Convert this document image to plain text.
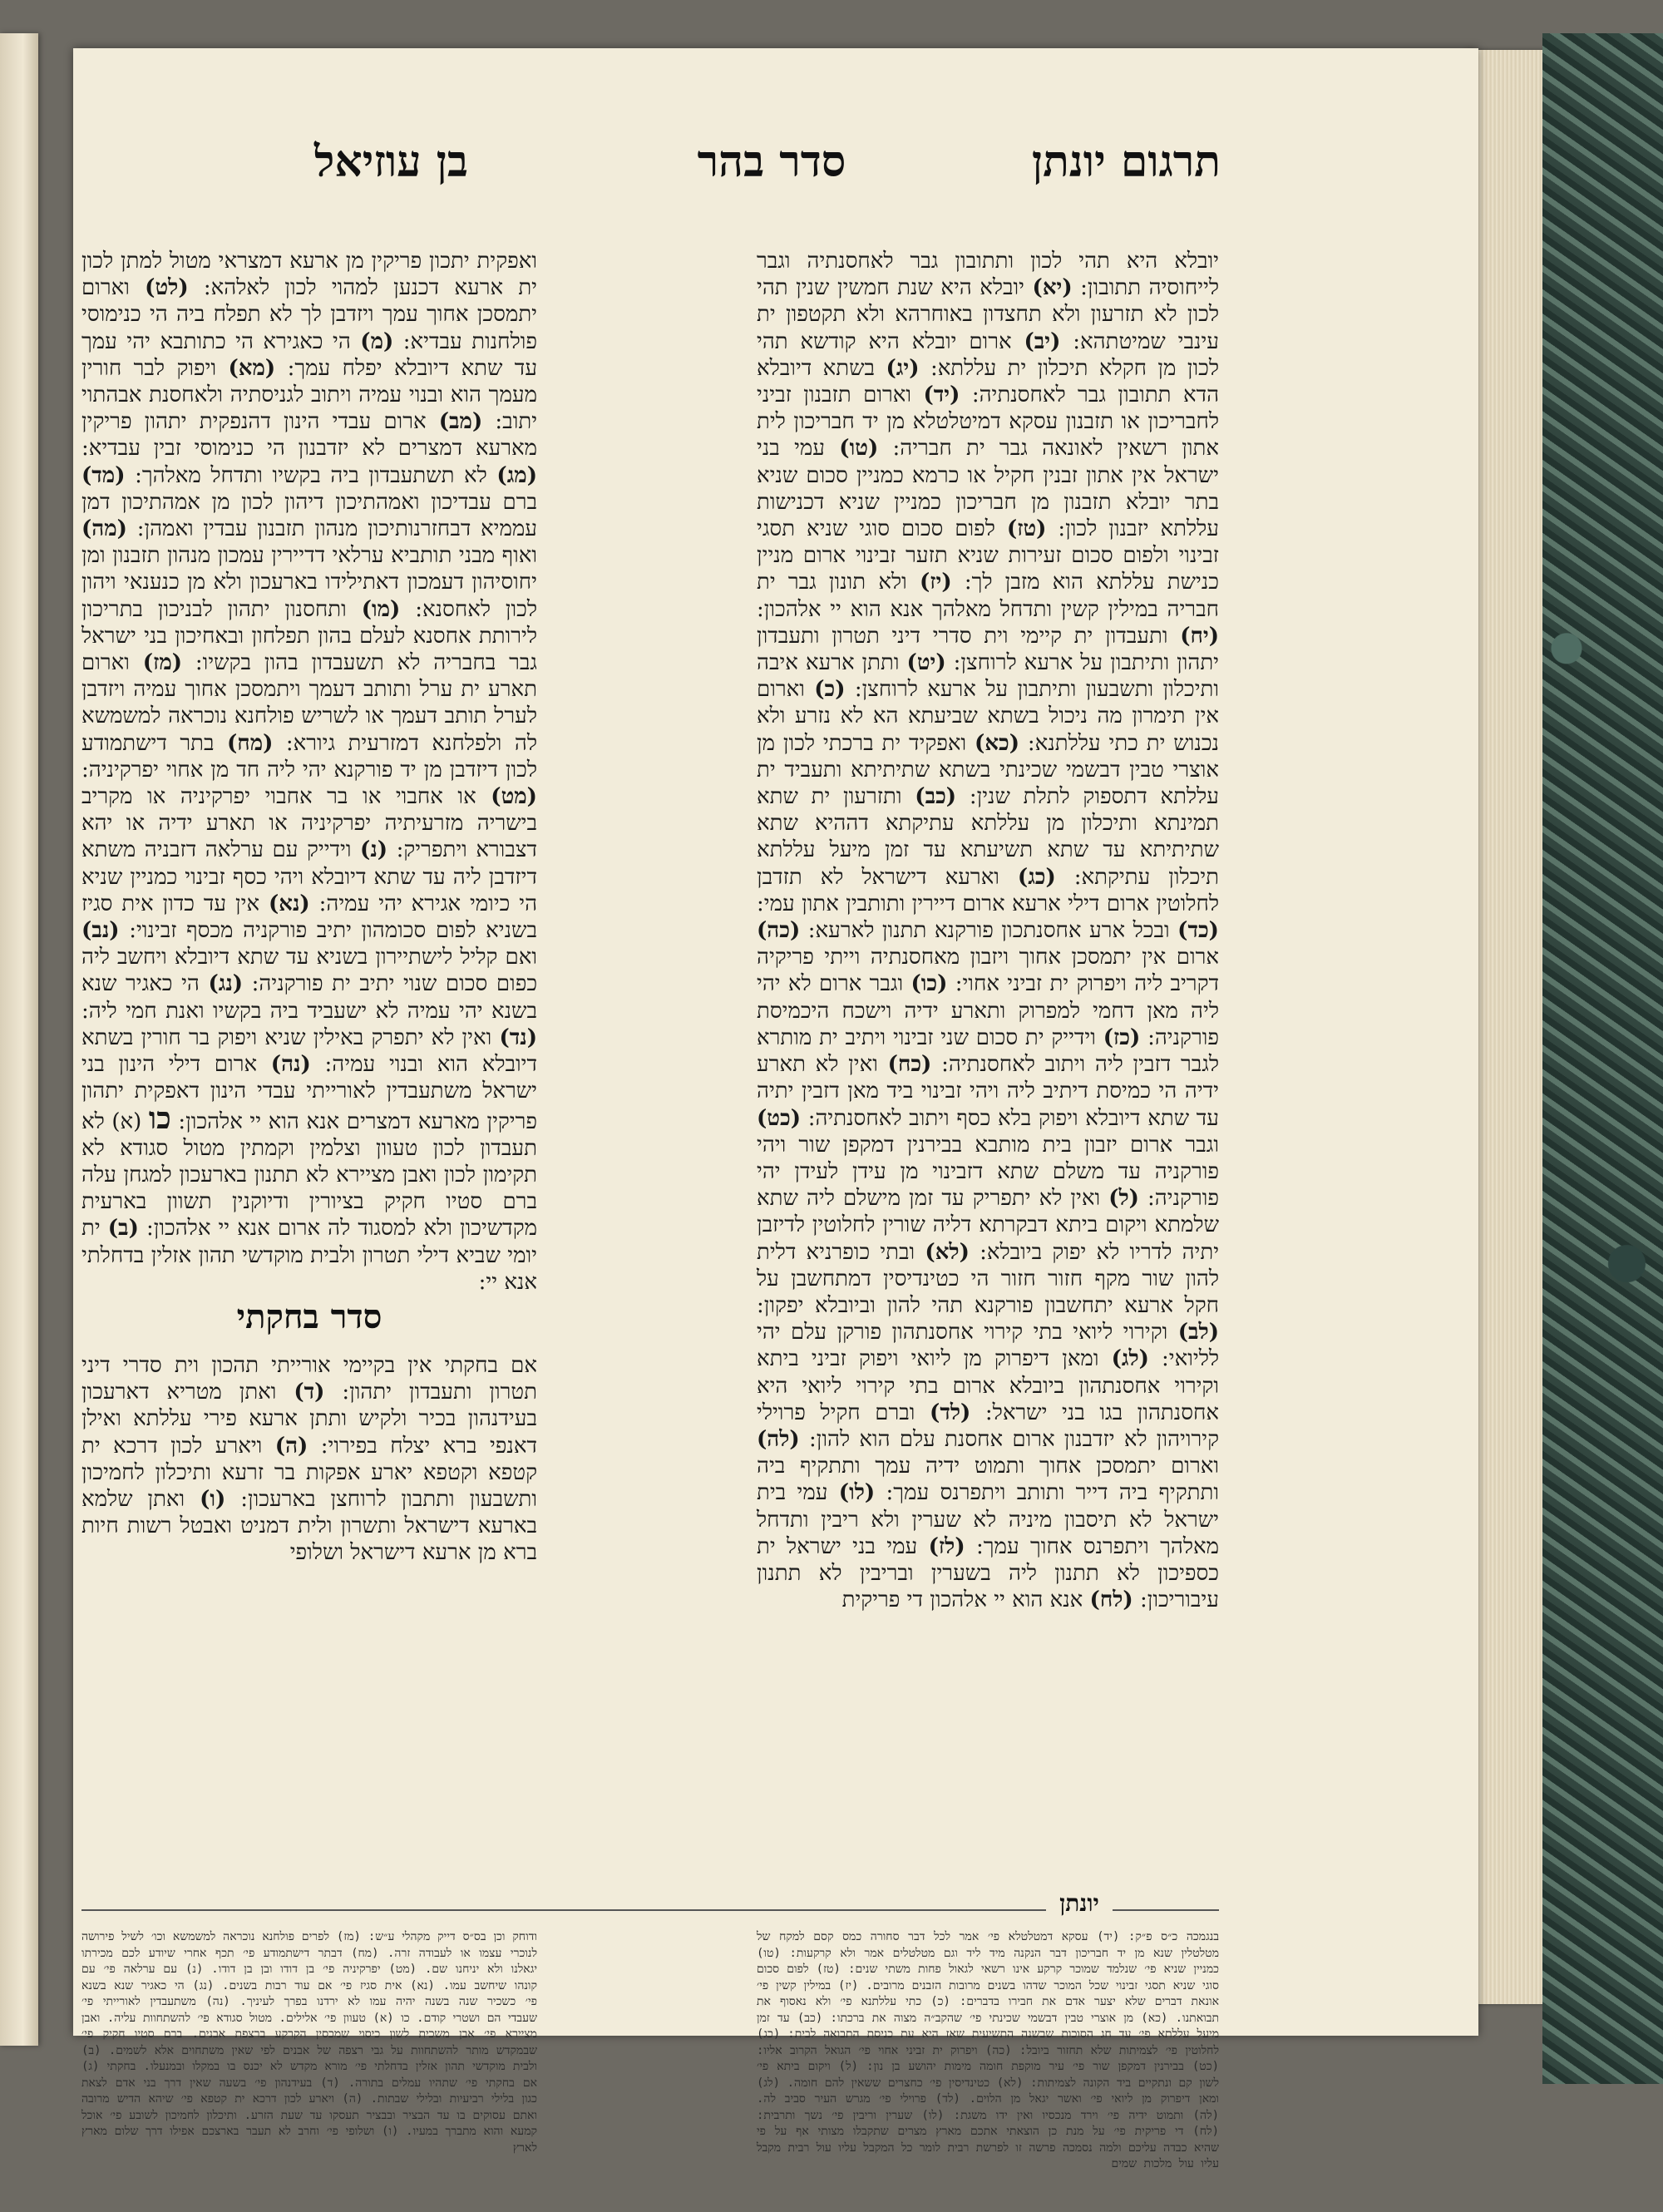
תרגום יונתן
סדר בהר
בן עוזיאל
יובלא היא תהי לכון ותתובון גבר לאחסנתיה וגבר לייחוסיה תתובון: (יא) יובלא היא שנת חמשין שנין תהי לכון לא תזרעון ולא תחצדון באוחרהא ולא תקטפון ית עינבי שמיטתהא: (יב) ארום יובלא היא קודשא תהי לכון מן חקלא תיכלון ית עללתא: (יג) בשתא דיובלא הדא תתובון גבר לאחסנתיה: (יד) וארום תזבנון זביני לחבריכון או תזבנון עסקא דמיטלטלא מן יד חבריכון לית אתון רשאין לאונאה גבר ית חבריה: (טו) עמי בני ישראל אין אתון זבנין חקיל או כרמא כמניין סכום שניא בתר יובלא תזבנון מן חבריכון כמניין שניא דכנישות עללתא יזבנון לכון: (טז) לפום סכום סוגי שניא תסגי זבינוי ולפום סכום זעירות שניא תזער זבינוי ארום מניין כנישת עללתא הוא מזבן לך: (יז) ולא תונון גבר ית חבריה במילין קשין ותדחל מאלהך אנא הוא יי אלהכון: (יח) ותעבדון ית קיימי וית סדרי דיני תטרון ותעבדון יתהון ותיתבון על ארעא לרוחצן: (יט) ותתן ארעא איבה ותיכלון ותשבעון ותיתבון על ארעא לרוחצן: (כ) וארום אין תימרון מה ניכול בשתא שביעתא הא לא נזרע ולא נכנוש ית כתי עללתנא: (כא) ואפקיד ית ברכתי לכון מן אוצרי טבין דבשמי שכינתי בשתא שתיתיתא ותעביד ית עללתא דתספוק לתלת שנין: (כב) ותזרעון ית שתא תמינתא ותיכלון מן עללתא עתיקתא דההיא שתא שתיתיתא עד שתא תשיעתא עד זמן מיעל עללתא תיכלון עתיקתא: (כג) וארעא דישראל לא תזדבן לחלוטין ארום דילי ארעא ארום דיירין ותותבין אתון עמי: (כד) ובכל ארע אחסנתכון פורקנא תתנון לארעא: (כה) ארום אין יתמסכן אחוך ויזבון מאחסנתיה וייתי פריקיה דקריב ליה ויפרוק ית זביני אחוי: (כו) וגבר ארום לא יהי ליה מאן דחמי למפרוק ותארע ידיה וישכח היכמיסת פורקניה: (כז) וידייק ית סכום שני זבינוי ויתיב ית מותרא לגבר דזבין ליה ויתוב לאחסנתיה: (כח) ואין לא תארע ידיה הי כמיסת דיתיב ליה ויהי זבינוי ביד מאן דזבין יתיה עד שתא דיובלא ויפוק בלא כסף ויתוב לאחסנתיה: (כט) וגבר ארום יזבון בית מותבא בבירנין דמקפן שור ויהי פורקניה עד משלם שתא דזבינוי מן עידן לעידן יהי פורקניה: (ל) ואין לא יתפריק עד זמן מישלם ליה שתא שלמתא ויקום ביתא דבקרתא דליה שורין לחלוטין לדיזבן יתיה לדריו לא יפוק ביובלא: (לא) ובתי כופרניא דלית להון שור מקף חזור חזור הי כטינדיסין דמתחשבן על חקל ארעא יתחשבון פורקנא תהי להון וביובלא יפקון: (לב) וקירוי ליואי בתי קירוי אחסנתהון פורקן עלם יהי לליואי: (לג) ומאן דיפרוק מן ליואי ויפוק זביני ביתא וקירוי אחסנתהון ביובלא ארום בתי קירוי ליואי היא אחסנתהון בגו בני ישראל: (לד) וברם חקיל פרוילי קירויהון לא יזדבנון ארום אחסנת עלם הוא להון: (לה) וארום יתמסכן אחוך ותמוט ידיה עמך ותתקיף ביה ותתקיף ביה דייר ותותב ויתפרנס עמך: (לו) עמי בית ישראל לא תיסבון מיניה לא שערין ולא ריבין ותדחל מאלהך ויתפרנס אחוך עמך: (לז) עמי בני ישראל ית כספיכון לא תתנון ליה בשערין ובריבין לא תתנון עיבוריכון: (לח) אנא הוא יי אלהכון די פריקית
ואפקית יתכון פריקין מן ארעא דמצראי מטול למתן לכון ית ארעא דכנען למהוי לכון לאלהא: (לט) וארום יתמסכן אחוך עמך ויזדבן לך לא תפלח ביה הי כנימוסי פולחנות עבדיא: (מ) הי כאגירא הי כתותבא יהי עמך עד שתא דיובלא יפלח עמך: (מא) ויפוק לבר חורין מעמך הוא ובנוי עמיה ויתוב לגניסתיה ולאחסנת אבהתוי יתוב: (מב) ארום עבדי הינון דהנפקית יתהון פריקין מארעא דמצרים לא יזדבנון הי כנימוסי זבין עבדיא: (מג) לא תשתעבדון ביה בקשיו ותדחל מאלהך: (מד) ברם עבדיכון ואמהתיכון דיהון לכון מן אמהתיכון דמן עממיא דבחזרנותיכון מנהון תזבנון עבדין ואמהן: (מה) ואוף מבני תותביא ערלאי דדיירין עמכון מנהון תזבנון ומן יחוסיהון דעמכון דאתילידו בארעכון ולא מן כנענאי ויהון לכון לאחסנא: (מו) ותחסנון יתהון לבניכון בתריכון לירותת אחסנא לעלם בהון תפלחון ובאחיכון בני ישראל גבר בחבריה לא תשעבדון בהון בקשיו: (מז) וארום תארע ית ערל ותותב דעמך ויתמסכן אחוך עמיה ויזדבן לערל תותב דעמך או לשריש פולחנא נוכראה למשמשא לה ולפלחנא דמזרעית גיורא: (מח) בתר דישתמודע לכון דיזדבן מן יד פורקנא יהי ליה חד מן אחוי יפרקיניה: (מט) או אחבוי או בר אחבוי יפרקיניה או מקריב בישריה מזרעיתיה יפרקיניה או תארע ידיה או יהא דצבורא ויתפריק: (נ) וידייק עם ערלאה דזבניה משתא דיזדבן ליה עד שתא דיובלא ויהי כסף זבינוי כמניין שניא הי כיומי אגירא יהי עמיה: (נא) אין עד כדון אית סגיז בשניא לפום סכומהון יתיב פורקניה מכסף זבינוי: (נב) ואם קליל לישתיירון בשניא עד שתא דיובלא ויחשב ליה כפום סכום שנוי יתיב ית פורקניה: (נג) הי כאגיר שנא בשנא יהי עמיה לא ישעביד ביה בקשיו ואנת חמי ליה: (נד) ואין לא יתפרק באילין שניא ויפוק בר חורין בשתא דיובלא הוא ובנוי עמיה: (נה) ארום דילי הינון בני ישראל משתעבדין לאורייתי עבדי הינון דאפקית יתהון פריקין מארעא דמצרים אנא הוא יי אלהכון: כו (א) לא תעבדון לכון טעוון וצלמין וקמתין מטול סגודא לא תקימון לכון ואבן מציירא לא תתנון בארעכון למגחן עלה ברם סטיו חקיק בציורין ודיוקנין תשוון בארעית מקדשיכון ולא למסגוד לה ארום אנא יי אלהכון: (ב) ית יומי שביא דילי תטרון ולבית מוקדשי תהון אזלין בדחלתי אנא יי:
סדר בחקתי
אם בחקתי אין בקיימי אורייתי תהכון וית סדרי דיני תטרון ותעבדון יתהון: (ד) ואתן מטריא דארעכון בעידנהון בכיר ולקיש ותתן ארעא פירי עללתא ואילן דאנפי ברא יצלח בפירוי: (ה) ויארע לכון דרכא ית קטפא וקטפא יארע אפקות בר זרעא ותיכלון לחמיכון ותשבעון ותתבון לרוחצן בארעכון: (ו) ואתן שלמא בארעא דישראל ותשרון ולית דמניט ואבטל רשות חיות ברא מן ארעא דישראל ושלופי
יונתן
בנגמכה כ״ס פ״ק: (יד) עסקא דמטלטלא פי׳ אמר לכל דבר סחורה כמס קסם למקח של מטלטלין שנא מן יד חבריכון דבר הנקנה מיד ליד וגם מטלטלים אמר ולא קרקעות: (טו) כמניין שניא פי׳ שנלמד שמוכר קרקע אינו רשאי לגאול פחות משתי שנים: (טז) לפום סכום סוגי שניא תסגי זבינוי שכל המוכר שדהו בשנים מרובות הזבנים מרובים. (יז) במילין קשין פי׳ אונאת דברים שלא יצער אדם את חבירו בדברים: (כ) כתי עללתנא פי׳ ולא נאסוף את תבואתנו. (כא) מן אוצרי טבין דבשמי שכינתי פי׳ שהקב״ה מצוה את ברכתו: (כב) עד זמן מיעל עללתא פי׳ עד חג הסוכות שבשנה התשיעית שאז היא עת כניסת התבואה לבית: (כג) לחלוטין פי׳ לצמיתות שלא תחזור ביובל: (כה) ויפרוק ית זביני אחוי פי׳ הגואל הקרוב אליו: (כט) בבירנין דמקפן שור פי׳ עיר מוקפת חומה מימות יהושע בן נון: (ל) ויקום ביתא פי׳ לשון קם ונתקיים ביד הקונה לצמיתות: (לא) כטינדיסין פי׳ כחצרים ששאין להם חומה. (לג) ומאן דיפרוק מן ליואי פי׳ ואשר יגאל מן הלוים. (לד) פרוילי פי׳ מגרש העיר סביב לה. (לה) ותמוט ידיה פי׳ וירד מנכסיו ואין ידו משגת: (לו) שערין וריבין פי׳ נשך ותרבית: (לח) די פריקית פי׳ על מנת כן הוצאתי אתכם מארץ מצרים שתקבלו מצותי אף על פי שהיא כבדה עליכם ולמה נסמכה פרשה זו לפרשת רבית לומר כל המקבל עליו עול רבית מקבל עליו עול מלכות שמים
ודוחק וכן בס״ס דייק מקהלי ע״ש: (מז) לפרים פולחנא נוכראה למשמשא וכו׳ לשיל פירושה לנוכרי עצמו או לעבודה זרה. (מח) דבתר דישתמודע פי׳ תכף אחרי שיודע לכם מכירתו יגאלנו ולא יניחנו שם. (מט) יפרקיניה פי׳ בן דודו ובן בן דודו. (נ) עם ערלאה פי׳ עם קונהו שיחשב עמו. (נא) אית סגיז פי׳ אם עוד רבות בשנים. (נג) הי כאגיר שנא בשנא פי׳ כשכיר שנה בשנה יהיה עמו לא ירדנו בפרך לעיניך. (נה) משתעבדין לאורייתי פי׳ שעבדי הם ושטרי קודם. כו (א) טעוון פי׳ אלילים. מטול סגודא פי׳ להשתחוות עליה. ואבן מציירא פי׳ אבן משכית לשון כיסוי שמכסין הקרקע ברצפת אבנים. ברם סטיו חקיק פי׳ שבמקדש מותר להשתחוות על גבי רצפה של אבנים לפי שאין משתחוים אלא לשמים. (ב) ולבית מוקדשי תהון אזלין בדחלתי פי׳ מורא מקדש לא יכנס בו במקלו ובמנעלו. בחקתי (ג) אם בחקתי פי׳ שתהיו עמלים בתורה. (ד) בעידנהון פי׳ בשעה שאין דרך בני אדם לצאת כגון בלילי רביעיות ובלילי שבתות. (ה) ויארע לכון דרכא ית קטפא פי׳ שיהא הדיש מרובה ואתם עסוקים בו עד הבציר ובבציר תעסקו עד שעת הזרע. ותיכלון לחמיכון לשובע פי׳ אוכל קמעא והוא מתברך במעיו. (ו) ושלופי פי׳ וחרב לא תעבר בארצכם אפילו דרך שלום מארץ לארץ
